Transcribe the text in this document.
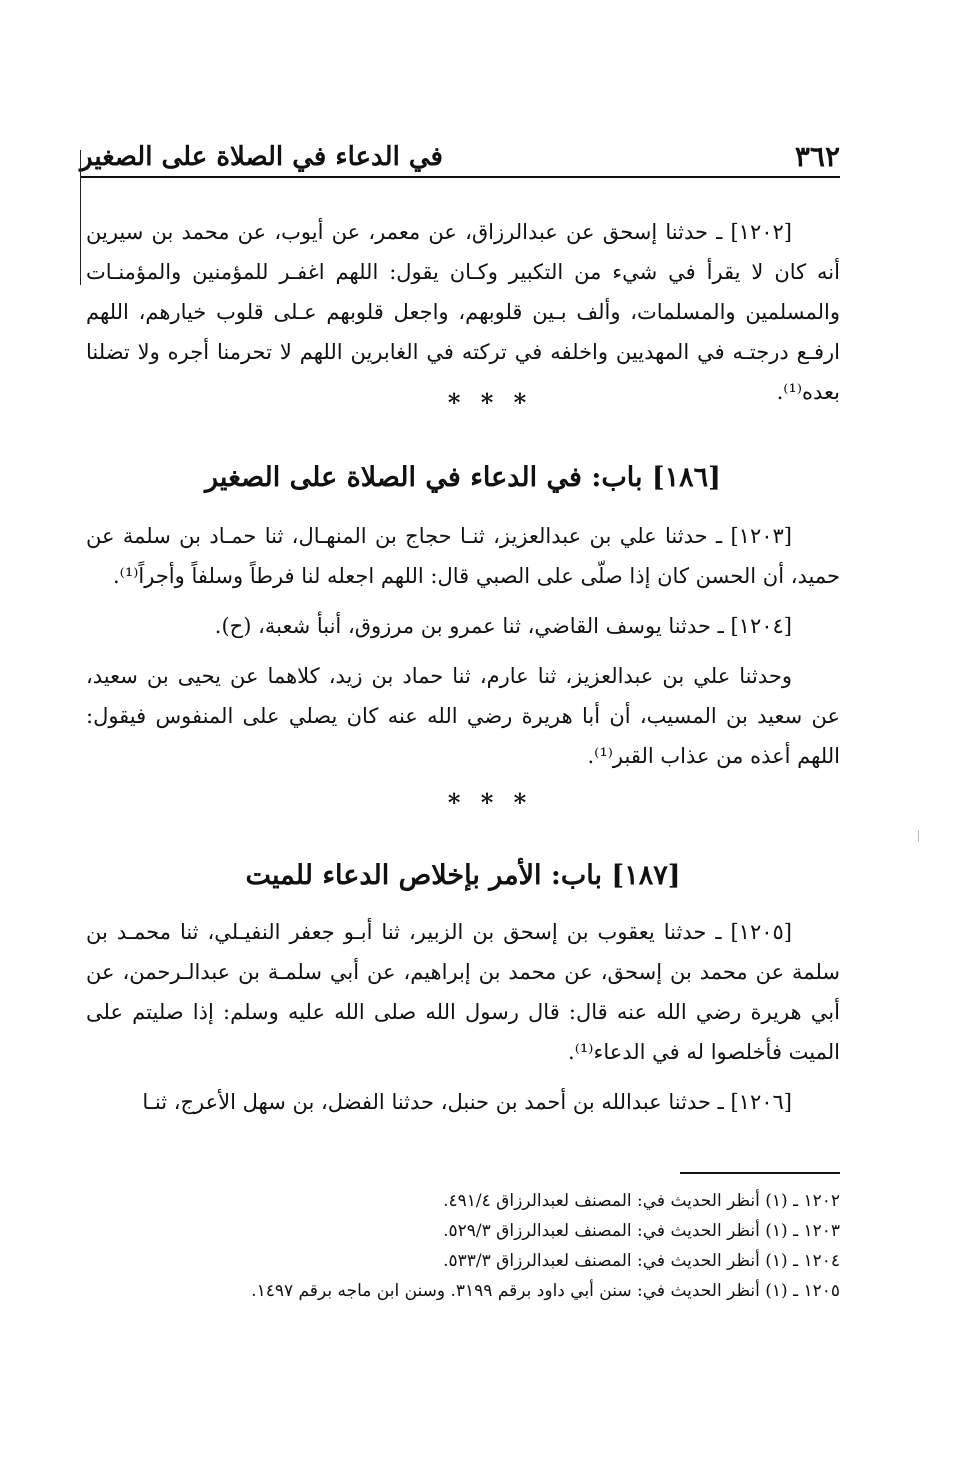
٣٦٢
في الدعاء في الصلاة على الصغير

[١٢٠٢] ـ حدثنا إسحق عن عبدالرزاق، عن معمر، عن أيوب، عن محمد بن سيرين أنه كان لا يقرأ في شيء من التكبير وكـان يقول: اللهم اغفـر للمؤمنين والمؤمنـات والمسلمين والمسلمات، وألف بـين قلوبهم، واجعل قلوبهم عـلى قلوب خيارهم، اللهم ارفـع درجتـه في المهديين واخلفه في تركته في الغابرين اللهم لا تحرمنا أجره ولا تضلنا بعده⁽¹⁾.

* * *
[١٨٦] باب: في الدعاء في الصلاة على الصغير

[١٢٠٣] ـ حدثنا علي بن عبدالعزيز، ثنـا حجاج بن المنهـال، ثنا حمـاد بن سلمة عن حميد، أن الحسن كان إذا صلّى على الصبي قال: اللهم اجعله لنا فرطاً وسلفاً وأجراً⁽¹⁾.

[١٢٠٤] ـ حدثنا يوسف القاضي، ثنا عمرو بن مرزوق، أنبأ شعبة، (ح).

وحدثنا علي بن عبدالعزيز، ثنا عارم، ثنا حماد بن زيد، كلاهما عن يحيى بن سعيد، عن سعيد بن المسيب، أن أبا هريرة رضي الله عنه كان يصلي على المنفوس فيقول: اللهم أعذه من عذاب القبر⁽¹⁾.

* * *
[١٨٧] باب: الأمر بإخلاص الدعاء للميت

[١٢٠٥] ـ حدثنا يعقوب بن إسحق بن الزبير، ثنا أبـو جعفر النفيـلي، ثنا محمـد بن سلمة عن محمد بن إسحق، عن محمد بن إبراهيم، عن أبي سلمـة بن عبدالـرحمن، عن أبي هريرة رضي الله عنه قال: قال رسول الله صلى الله عليه وسلم: إذا صليتم على الميت فأخلصوا له في الدعاء⁽¹⁾.

[١٢٠٦] ـ حدثنا عبدالله بن أحمد بن حنبل، حدثنا الفضل، بن سهل الأعرج، ثنـا

١٢٠٢ ـ (١) أنظر الحديث في: المصنف لعبدالرزاق ٤٩١/٤.
١٢٠٣ ـ (١) أنظر الحديث في: المصنف لعبدالرزاق ٥٢٩/٣.
١٢٠٤ ـ (١) أنظر الحديث في: المصنف لعبدالرزاق ٥٣٣/٣.
١٢٠٥ ـ (١) أنظر الحديث في: سنن أبي داود برقم ٣١٩٩. وسنن ابن ماجه برقم ١٤٩٧.
